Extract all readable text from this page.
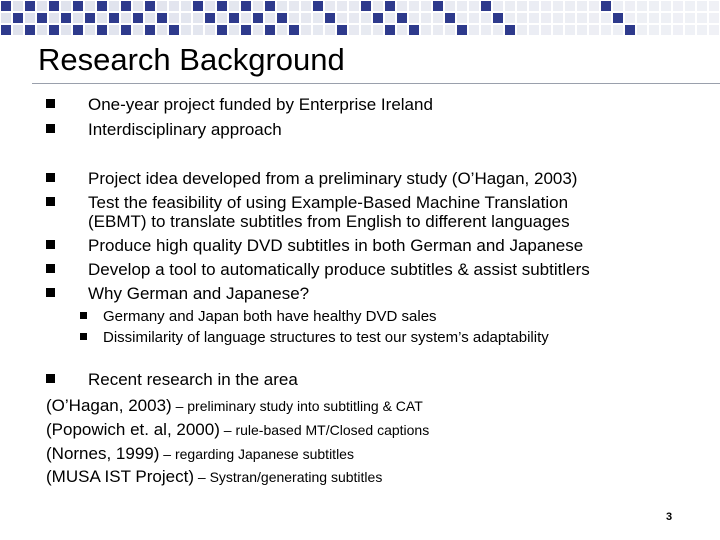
Research Background
One-year project funded by Enterprise Ireland
Interdisciplinary approach
Project idea developed from a preliminary study (O’Hagan, 2003)
Test the feasibility of using Example-Based Machine Translation
(EBMT) to translate subtitles from English to different languages
Produce high quality DVD subtitles in both German and Japanese
Develop a tool to automatically produce subtitles & assist subtitlers
Why German and Japanese?
Germany and Japan both have healthy DVD sales
Dissimilarity of language structures to test our system’s adaptability
Recent research in the area
(O’Hagan, 2003) – preliminary study into subtitling & CAT
(Popowich et. al, 2000) – rule-based MT/Closed captions
(Nornes, 1999) – regarding Japanese subtitles
(MUSA IST Project) – Systran/generating subtitles
3
